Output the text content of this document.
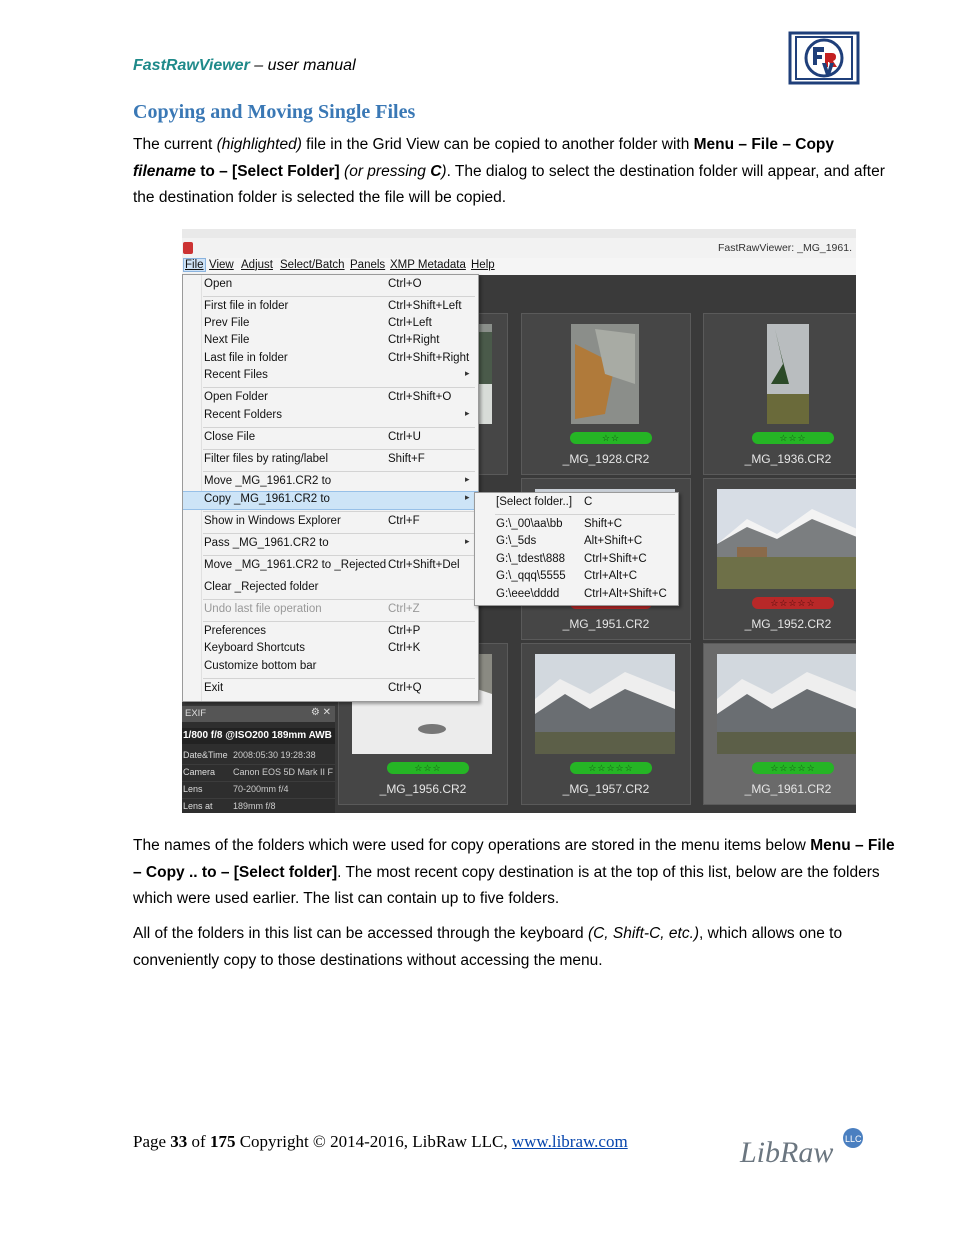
FastRawViewer – user manual
Copying and Moving Single Files

The current (highlighted) file in the Grid View can be copied to another folder with Menu – File – Copy filename to – [Select Folder] (or pressing C). The dialog to select the destination folder will appear, and after the destination folder is selected the file will be copied.

FastRawViewer: _MG_1961.
File View Adjust Select/Batch Panels XMP Metadata Help
☆☆
_MG_1928.CR2
☆☆☆
_MG_1936.CR2
_MG_1951.CR2
☆☆☆☆☆
_MG_1952.CR2
☆☆☆
_MG_1956.CR2
☆☆☆☆☆
_MG_1957.CR2
☆☆☆☆☆
_MG_1961.CR2
EXIF	⚙ ✕
1/800 f/8 @ISO200 189mm AWB
Date&Time 2008:05:30 19:28:38
Camera Canon EOS 5D Mark II F
Lens	70-200mm f/4
Lens at 189mm f/8
Open	Ctrl+O
First file in folder	Ctrl+Shift+Left
Prev File	Ctrl+Left
Next File	Ctrl+Right
Last file in folder	Ctrl+Shift+Right
Recent Files	▸
Open Folder	Ctrl+Shift+O
Recent Folders	▸
Close File	Ctrl+U
Filter files by rating/label	Shift+F
Move _MG_1961.CR2 to	▸
Copy _MG_1961.CR2 to	▸
Show in Windows Explorer	Ctrl+F
Pass _MG_1961.CR2 to	▸
Move _MG_1961.CR2 to _Rejected Ctrl+Shift+Del
Clear _Rejected folder
Undo last file operation	Ctrl+Z
Preferences	Ctrl+P
Keyboard Shortcuts	Ctrl+K
Customize bottom bar
Exit	Ctrl+Q
[Select folder..] C
G:\_00\aa\bb Shift+C
G:\_5ds	Alt+Shift+C
G:\_tdest\888 Ctrl+Shift+C
G:\_qqq\5555 Ctrl+Alt+C
G:\eee\dddd Ctrl+Alt+Shift+C

The names of the folders which were used for copy operations are stored in the menu items below Menu – File – Copy .. to – [Select folder]. The most recent copy destination is at the top of this list, below are the folders which were used earlier. The list can contain up to five folders.

All of the folders in this list can be accessed through the keyboard (C, Shift-C, etc.), which allows one to conveniently copy to those destinations without accessing the menu.

Page 33 of 175 Copyright © 2014-2016, LibRaw LLC, www.libraw.com	LibRaw LLC
